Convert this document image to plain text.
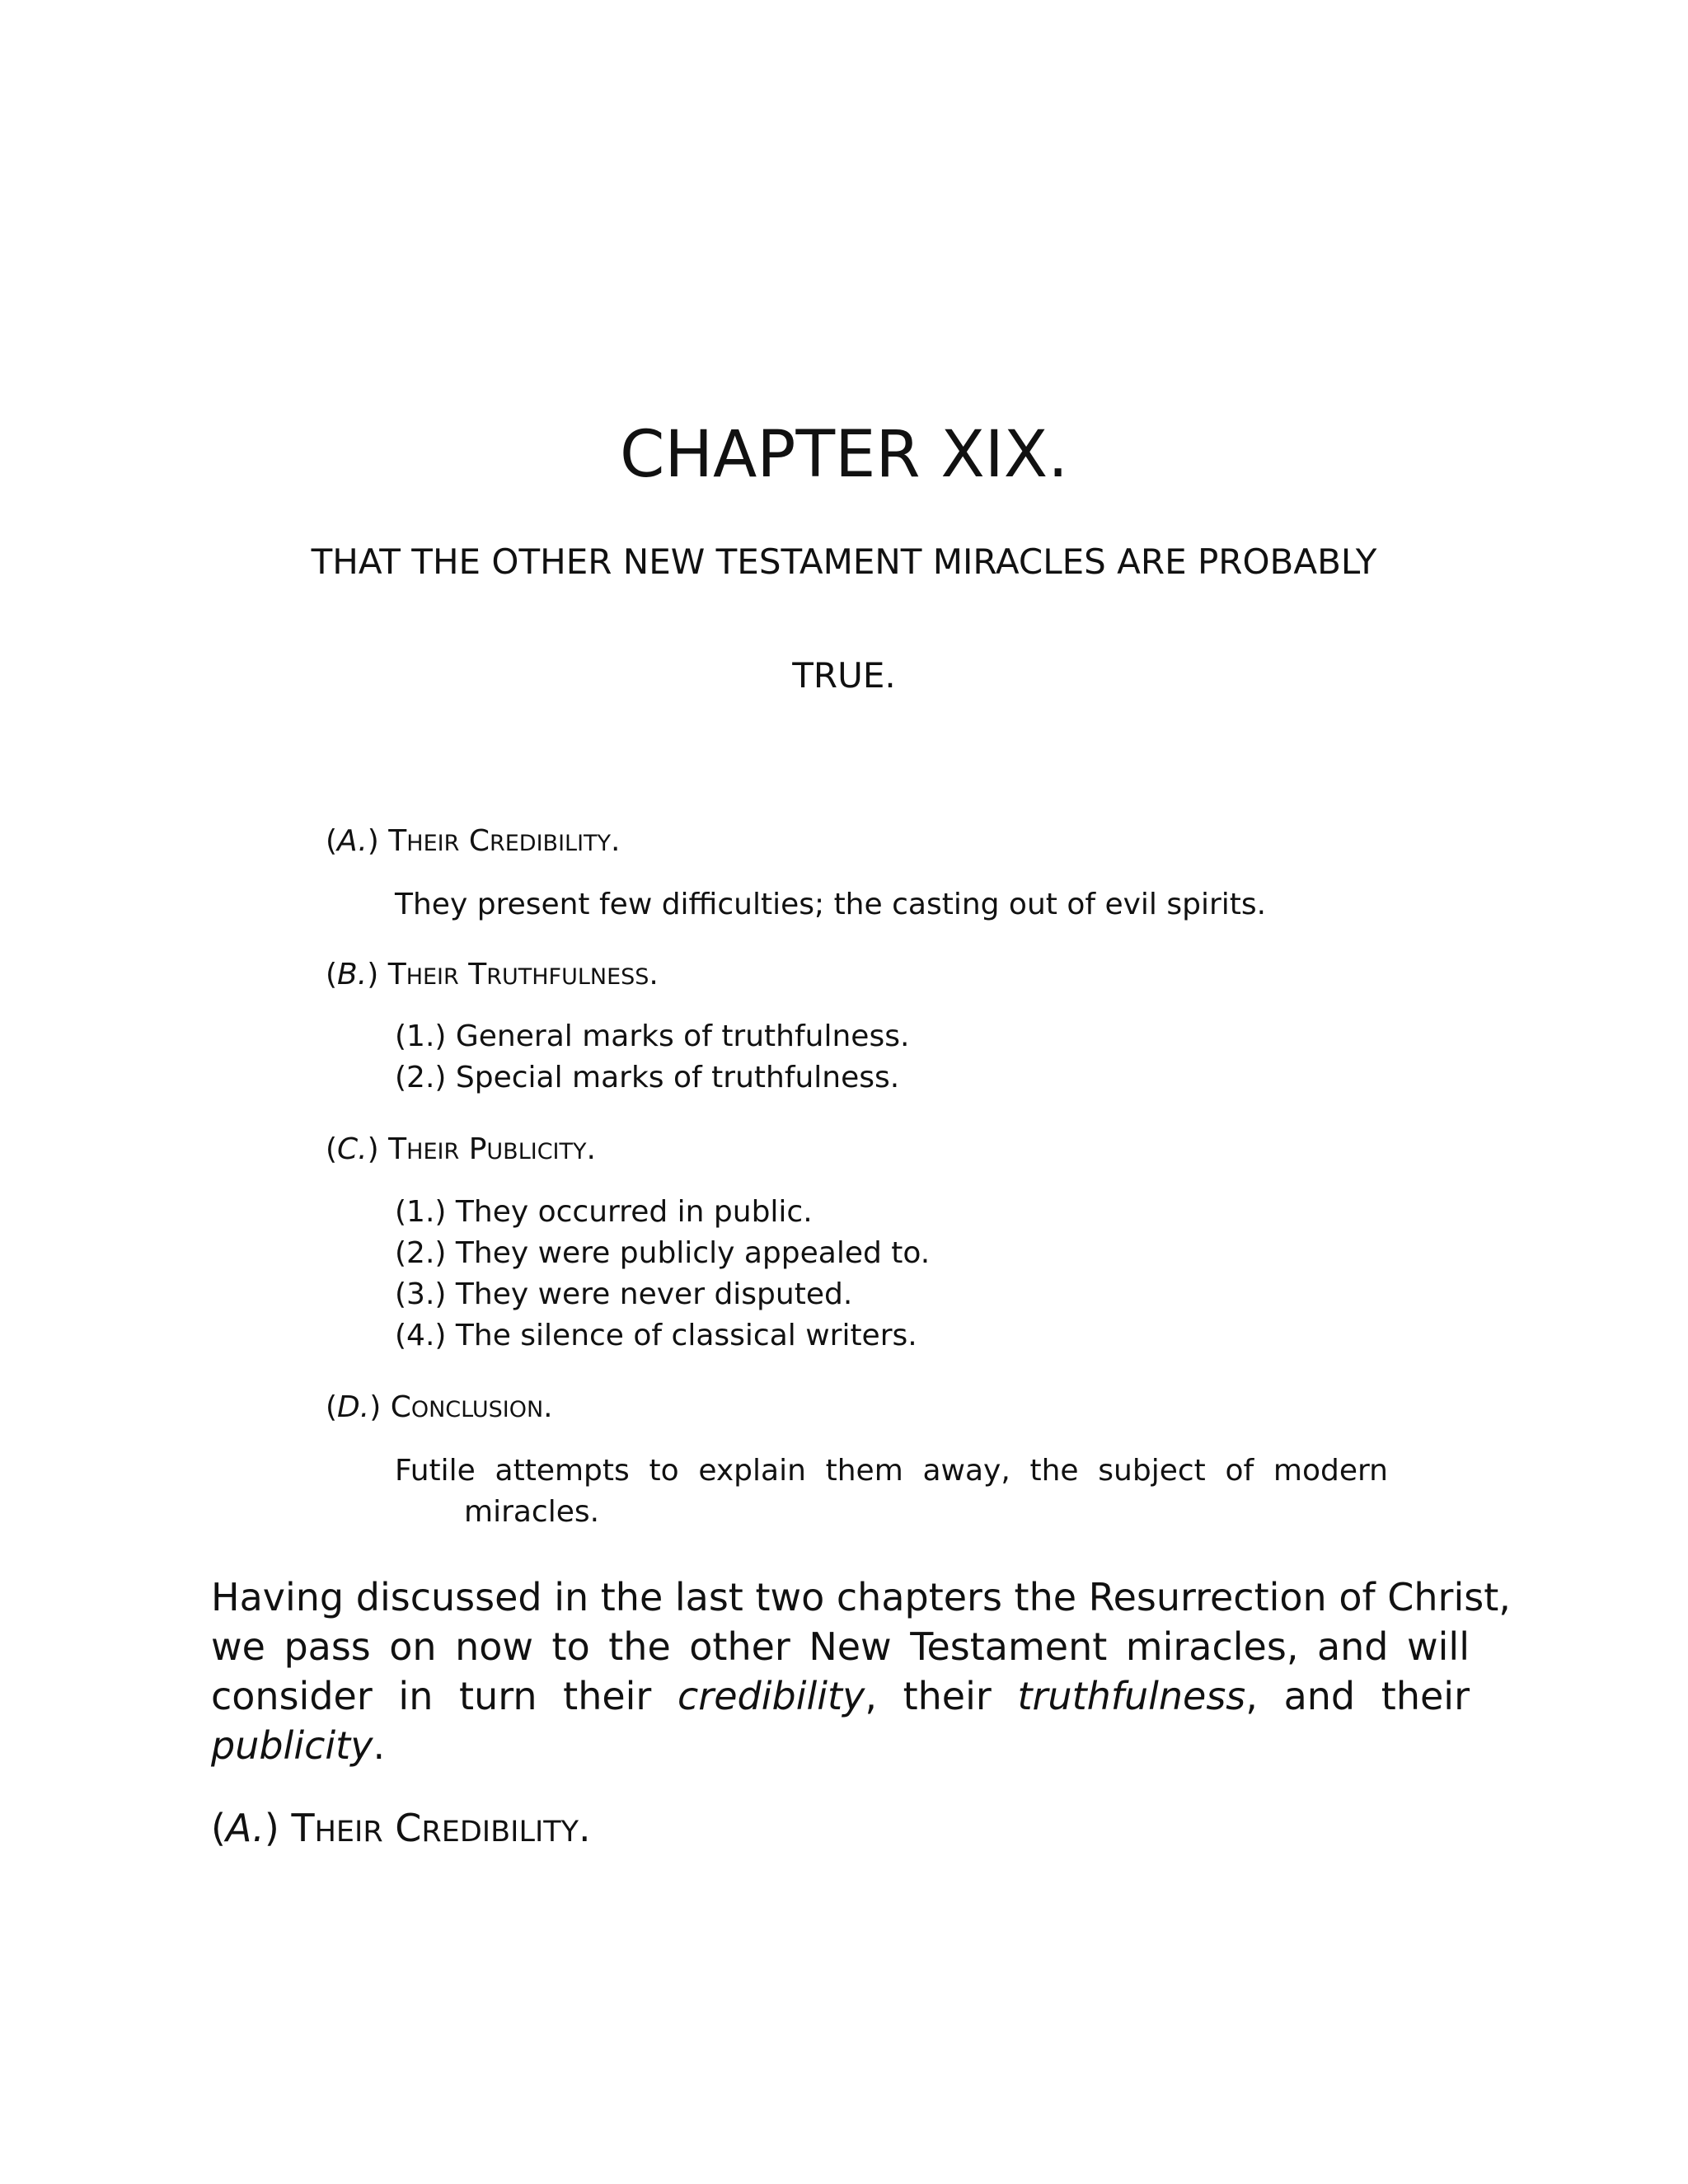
CHAPTER XIX.
THAT THE OTHER NEW TESTAMENT MIRACLES ARE PROBABLY
TRUE.
(A.) THEIR CREDIBILITY.
They present few difficulties; the casting out of evil spirits.
(B.) THEIR TRUTHFULNESS.
(1.) General marks of truthfulness.
(2.) Special marks of truthfulness.
(C.) THEIR PUBLICITY.
(1.) They occurred in public.
(2.) They were publicly appealed to.
(3.) They were never disputed.
(4.) The silence of classical writers.
(D.) CONCLUSION.
Futile attempts to explain them away, the subject of modern
miracles.
Having discussed in the last two chapters the Resurrection of Christ,
we pass on now to the other New Testament miracles, and will
consider in turn their credibility, their truthfulness, and their
publicity.
(A.) THEIR CREDIBILITY.
